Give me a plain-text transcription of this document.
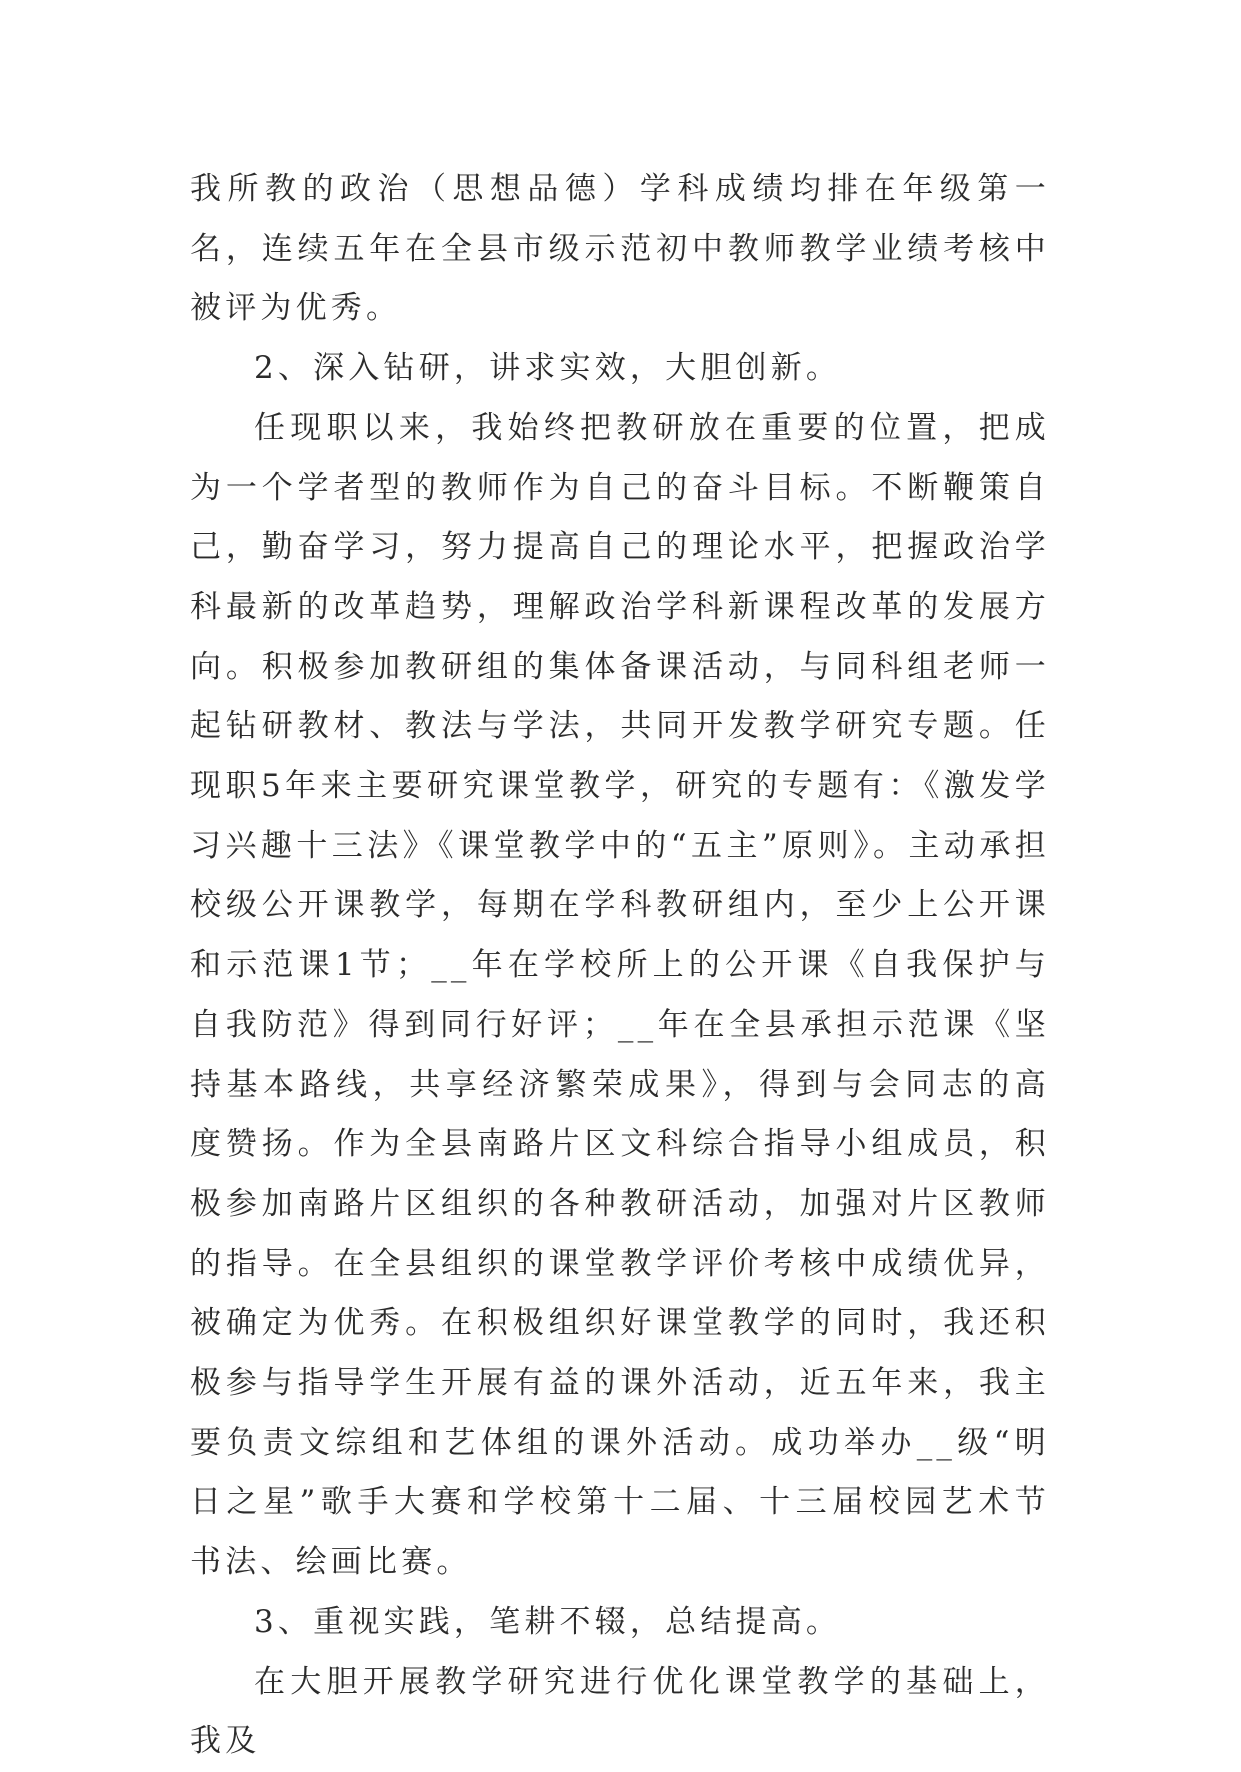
我所教的政治（思想品德）学科成绩均排在年级第一名，连续五年在全县市级示范初中教师教学业绩考核中被评为优秀。

2、深入钻研，讲求实效，大胆创新。

任现职以来，我始终把教研放在重要的位置，把成为一个学者型的教师作为自己的奋斗目标。不断鞭策自己，勤奋学习，努力提高自己的理论水平，把握政治学科最新的改革趋势，理解政治学科新课程改革的发展方向。积极参加教研组的集体备课活动，与同科组老师一起钻研教材、教法与学法，共同开发教学研究专题。任现职5年来主要研究课堂教学，研究的专题有：《激发学习兴趣十三法》《课堂教学中的“五主”原则》。主动承担校级公开课教学，每期在学科教研组内，至少上公开课和示范课1节；__年在学校所上的公开课《自我保护与自我防范》得到同行好评；__年在全县承担示范课《坚持基本路线，共享经济繁荣成果》，得到与会同志的高度赞扬。作为全县南路片区文科综合指导小组成员，积极参加南路片区组织的各种教研活动，加强对片区教师的指导。在全县组织的课堂教学评价考核中成绩优异，被确定为优秀。在积极组织好课堂教学的同时，我还积极参与指导学生开展有益的课外活动，近五年来，我主要负责文综组和艺体组的课外活动。成功举办__级“明日之星”歌手大赛和学校第十二届、十三届校园艺术节书法、绘画比赛。

3、重视实践，笔耕不辍，总结提高。

在大胆开展教学研究进行优化课堂教学的基础上，我及
